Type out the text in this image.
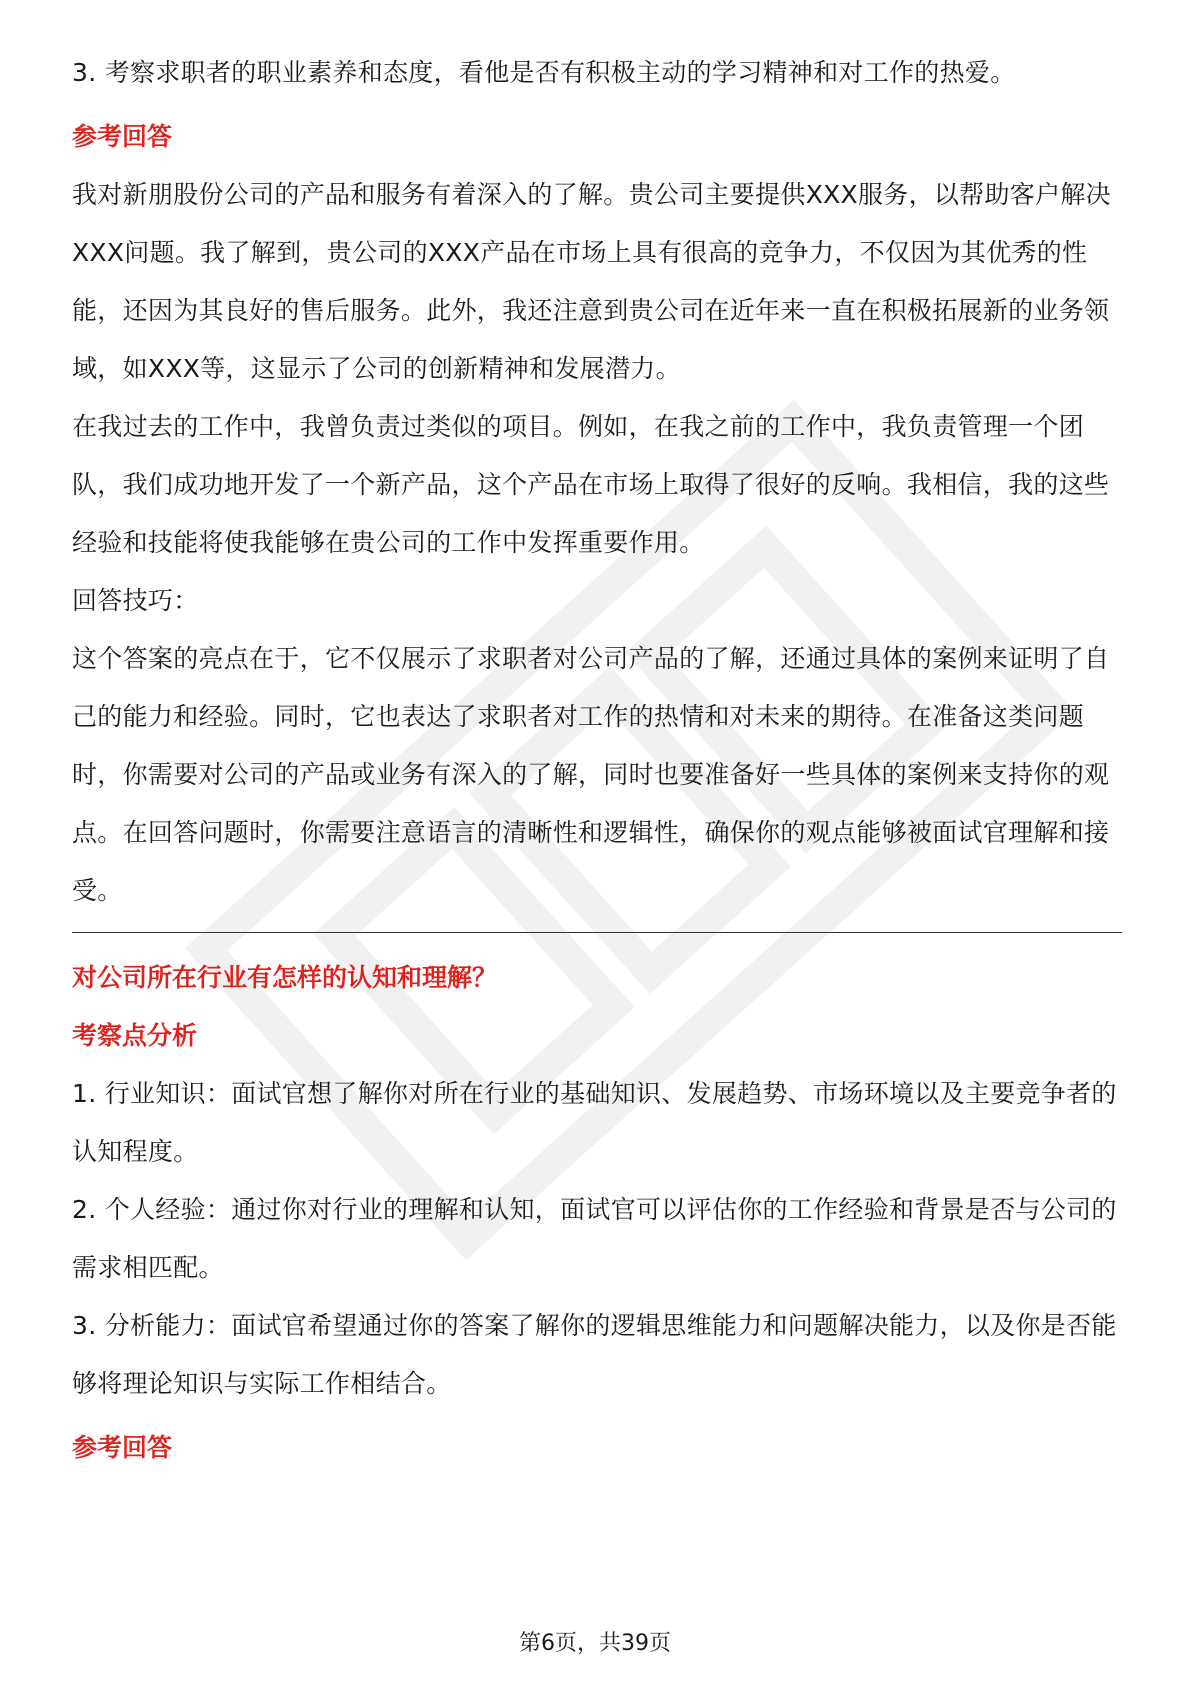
3. 考察求职者的职业素养和态度，看他是否有积极主动的学习精神和对工作的热爱。

参考回答

我对新朋股份公司的产品和服务有着深入的了解。贵公司主要提供XXX服务，以帮助客户解决XXX问题。我了解到，贵公司的XXX产品在市场上具有很高的竞争力，不仅因为其优秀的性能，还因为其良好的售后服务。此外，我还注意到贵公司在近年来一直在积极拓展新的业务领域，如XXX等，这显示了公司的创新精神和发展潜力。

在我过去的工作中，我曾负责过类似的项目。例如，在我之前的工作中，我负责管理一个团队，我们成功地开发了一个新产品，这个产品在市场上取得了很好的反响。我相信，我的这些经验和技能将使我能够在贵公司的工作中发挥重要作用。

回答技巧：

这个答案的亮点在于，它不仅展示了求职者对公司产品的了解，还通过具体的案例来证明了自己的能力和经验。同时，它也表达了求职者对工作的热情和对未来的期待。在准备这类问题时，你需要对公司的产品或业务有深入的了解，同时也要准备好一些具体的案例来支持你的观点。在回答问题时，你需要注意语言的清晰性和逻辑性，确保你的观点能够被面试官理解和接受。

对公司所在行业有怎样的认知和理解？

考察点分析

1. 行业知识：面试官想了解你对所在行业的基础知识、发展趋势、市场环境以及主要竞争者的认知程度。

2. 个人经验：通过你对行业的理解和认知，面试官可以评估你的工作经验和背景是否与公司的需求相匹配。

3. 分析能力：面试官希望通过你的答案了解你的逻辑思维能力和问题解决能力，以及你是否能够将理论知识与实际工作相结合。

参考回答

第6页，共39页
